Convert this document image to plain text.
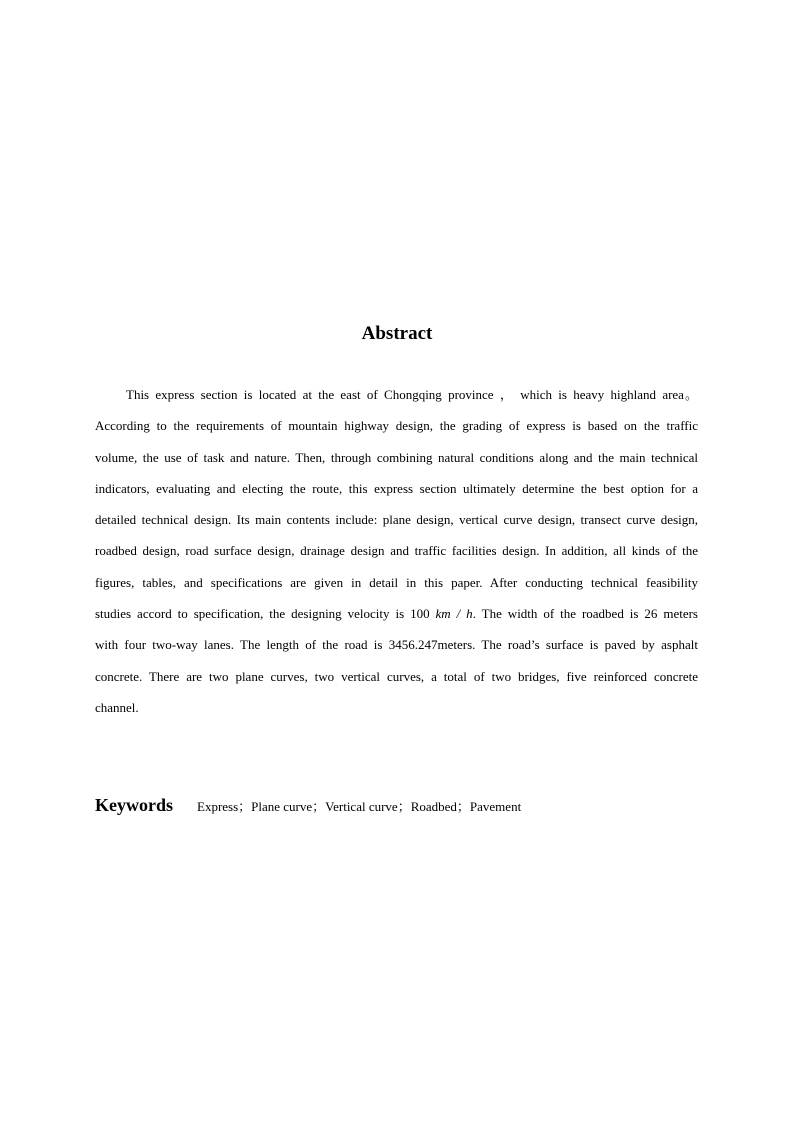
Abstract

This express section is located at the east of Chongqing province ， which is heavy highland area。 According to the requirements of mountain highway design, the grading of express is based on the traffic volume, the use of task and nature. Then, through combining natural conditions along and the main technical indicators, evaluating and electing the route, this express section ultimately determine the best option for a detailed technical design. Its main contents include: plane design, vertical curve design, transect curve design, roadbed design, road surface design, drainage design and traffic facilities design. In addition, all kinds of the figures, tables, and specifications are given in detail in this paper. After conducting technical feasibility studies accord to specification, the designing velocity is 100 km / h. The width of the roadbed is 26 meters with four two-way lanes. The length of the road is 3456.247meters. The road’s surface is paved by asphalt concrete. There are two plane curves, two vertical curves, a total of two bridges, five reinforced concrete channel.

Keywords Express；Plane curve；Vertical curve；Roadbed；Pavement
